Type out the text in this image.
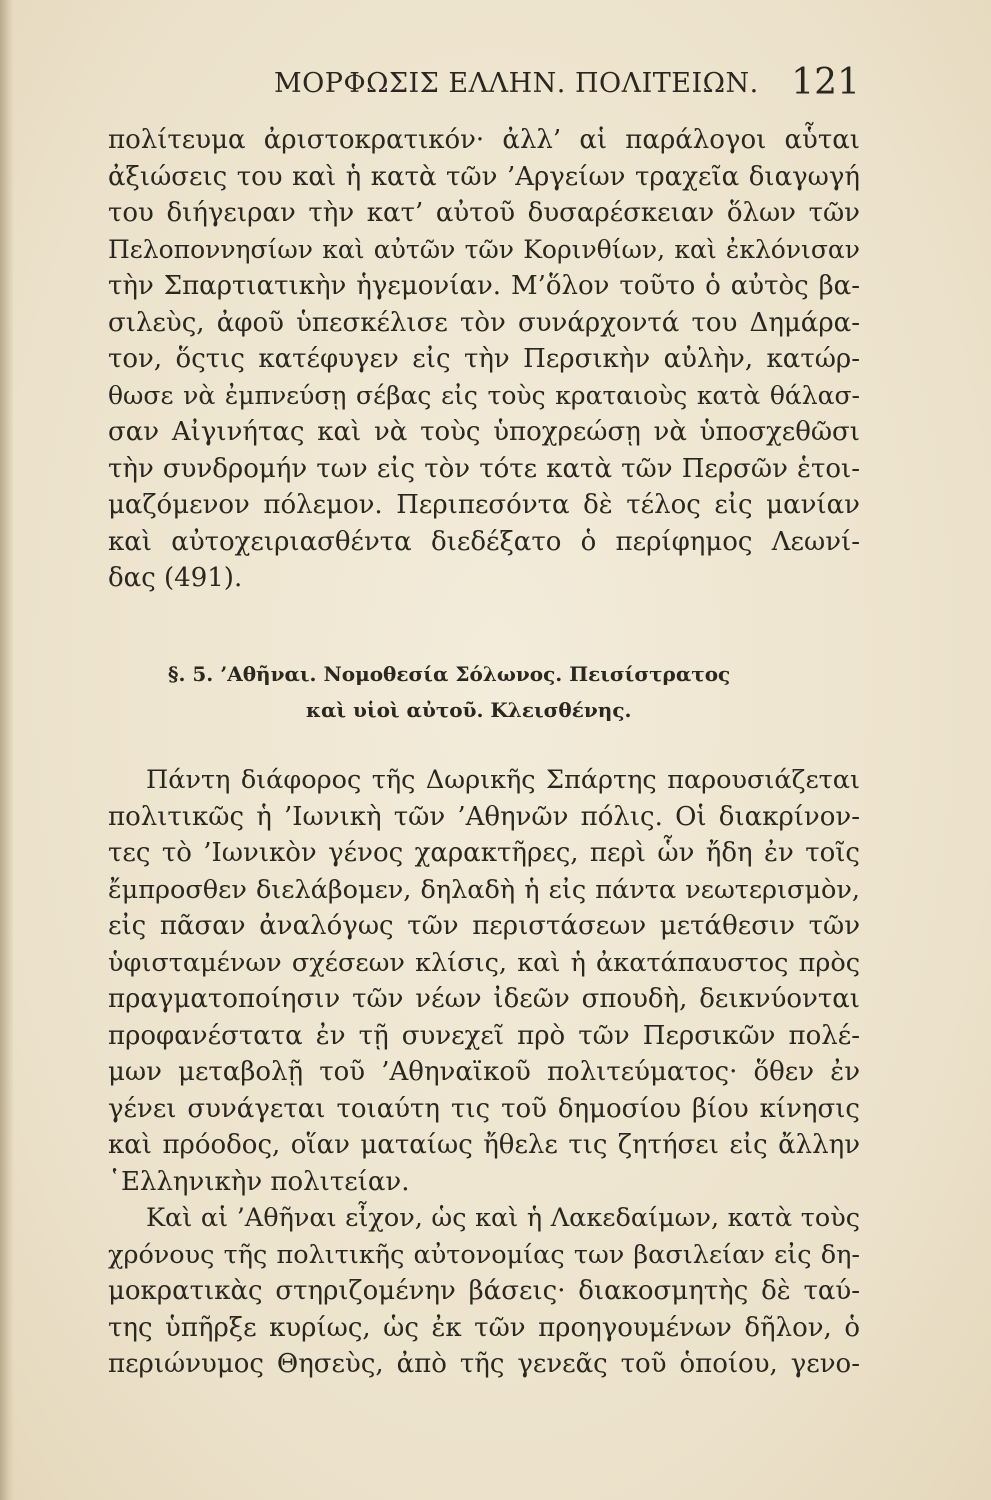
ΜΟΡΦΩΣΙΣ ΕΛΛΗΝ. ΠΟΛΙΤΕΙΩΝ. 121
πολίτευμα ἀριστοκρατικόν· ἀλλ’ αἱ παράλογοι αὗται
ἀξιώσεις του καὶ ἡ κατὰ τῶν ’Αργείων τραχεῖα διαγωγή
του διήγειραν τὴν κατ’ αὐτοῦ δυσαρέσκειαν ὅλων τῶν
Πελοποννησίων καὶ αὐτῶν τῶν Κορινθίων, καὶ ἐκλόνισαν
τὴν Σπαρτιατικὴν ἡγεμονίαν. Μ’ὅλον τοῦτο ὁ αὐτὸς βα-
σιλεὺς, ἀφοῦ ὑπεσκέλισε τὸν συνάρχοντά του Δημάρα-
τον, ὅςτις κατέφυγεν εἰς τὴν Περσικὴν αὐλὴν, κατώρ-
θωσε νὰ ἐμπνεύσῃ σέβας εἰς τοὺς κραταιοὺς κατὰ θάλασ-
σαν Αἰγινήτας καὶ νὰ τοὺς ὑποχρεώσῃ νὰ ὑποσχεθῶσι
τὴν συνδρομήν των εἰς τὸν τότε κατὰ τῶν Περσῶν ἑτοι-
μαζόμενον πόλεμον. Περιπεσόντα δὲ τέλος εἰς μανίαν
καὶ αὐτοχειριασθέντα διεδέξατο ὁ περίφημος Λεωνί-
δας (491).
§. 5. ’Αθῆναι. Νομοθεσία Σόλωνος. Πεισίστρατος
καὶ υἱοὶ αὐτοῦ. Κλεισθένης.
Πάντη διάφορος τῆς Δωρικῆς Σπάρτης παρουσιάζεται
πολιτικῶς ἡ ’Ιωνικὴ τῶν ’Αθηνῶν πόλις. Οἱ διακρίνον-
τες τὸ ’Ιωνικὸν γένος χαρακτῆρες, περὶ ὧν ἤδη ἐν τοῖς
ἔμπροσθεν διελάβομεν, δηλαδὴ ἡ εἰς πάντα νεωτερισμὸν,
εἰς πᾶσαν ἀναλόγως τῶν περιστάσεων μετάθεσιν τῶν
ὑφισταμένων σχέσεων κλίσις, καὶ ἡ ἀκατάπαυστος πρὸς
πραγματοποίησιν τῶν νέων ἰδεῶν σπουδὴ, δεικνύονται
προφανέστατα ἐν τῇ συνεχεῖ πρὸ τῶν Περσικῶν πολέ-
μων μεταβολῇ τοῦ ’Αθηναϊκοῦ πολιτεύματος· ὅθεν ἐν
γένει συνάγεται τοιαύτη τις τοῦ δημοσίου βίου κίνησις
καὶ πρόοδος, οἵαν ματαίως ἤθελε τις ζητήσει εἰς ἄλλην
῾Ελληνικὴν πολιτείαν.
Καὶ αἱ ’Αθῆναι εἶχον, ὡς καὶ ἡ Λακεδαίμων, κατὰ τοὺς
χρόνους τῆς πολιτικῆς αὐτονομίας των βασιλείαν εἰς δη-
μοκρατικὰς στηριζομένην βάσεις· διακοσμητὴς δὲ ταύ-
της ὑπῆρξε κυρίως, ὡς ἐκ τῶν προηγουμένων δῆλον, ὁ
περιώνυμος Θησεὺς, ἀπὸ τῆς γενεᾶς τοῦ ὁποίου, γενο-
